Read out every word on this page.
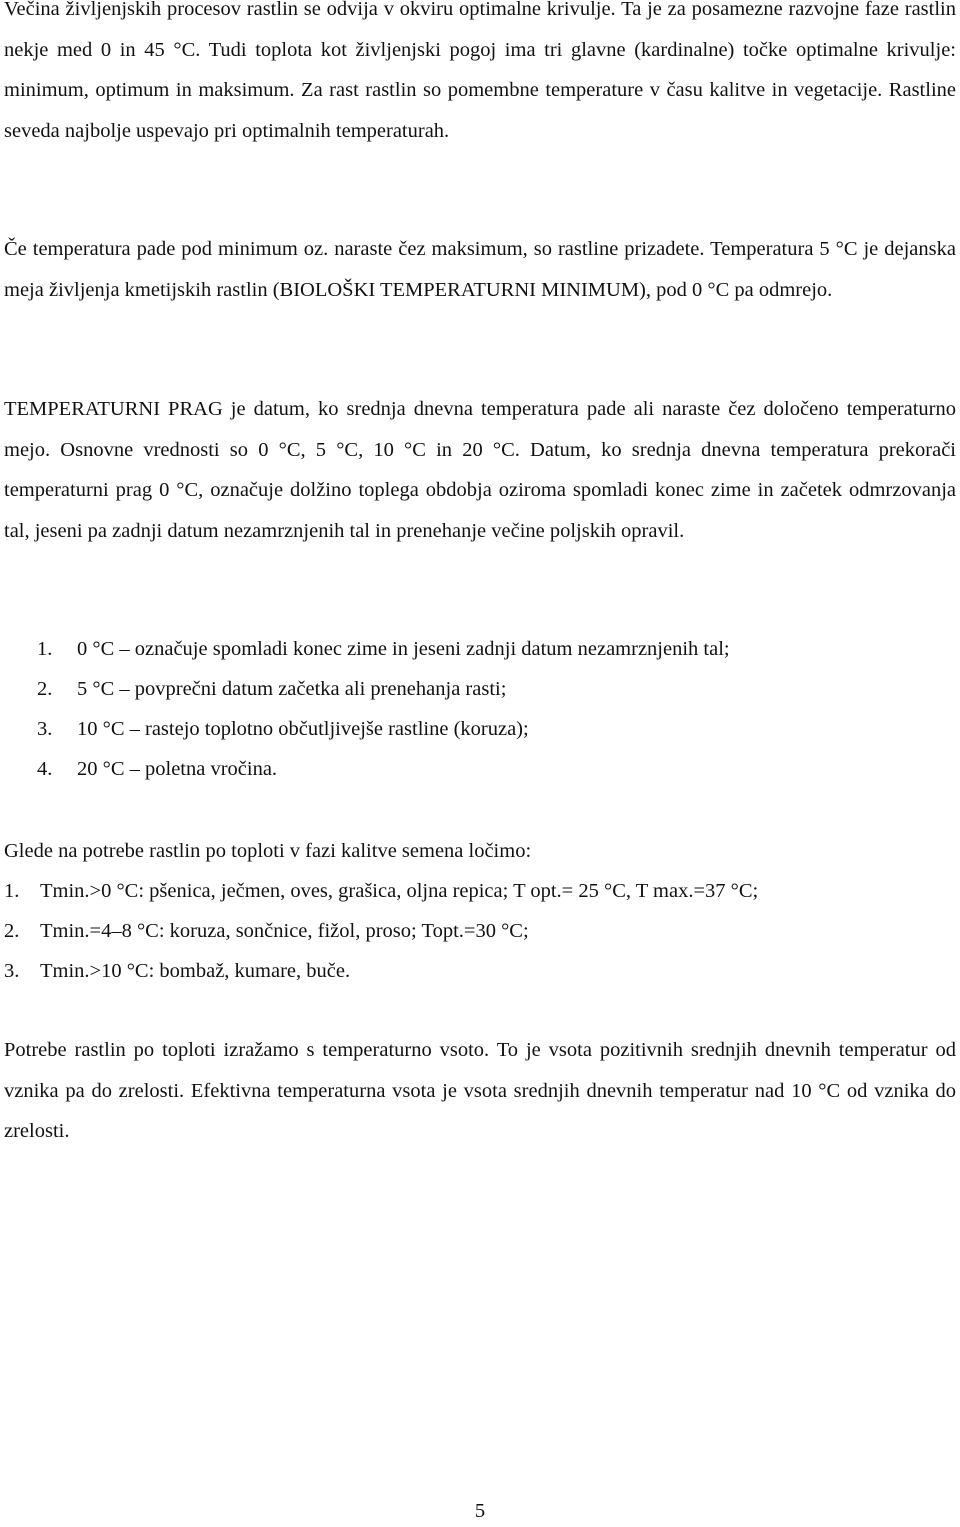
Večina življenjskih procesov rastlin se odvija v okviru optimalne krivulje. Ta je za posamezne razvojne faze rastlin nekje med 0 in 45 °C. Tudi toplota kot življenjski pogoj ima tri glavne (kardinalne) točke optimalne krivulje: minimum, optimum in maksimum. Za rast rastlin so pomembne temperature v času kalitve in vegetacije. Rastline seveda najbolje uspevajo pri optimalnih temperaturah.

Če temperatura pade pod minimum oz. naraste čez maksimum, so rastline prizadete. Temperatura 5 °C je dejanska meja življenja kmetijskih rastlin (BIOLOŠKI TEMPERATURNI MINIMUM), pod 0 °C pa odmrejo.

TEMPERATURNI PRAG je datum, ko srednja dnevna temperatura pade ali naraste čez določeno temperaturno mejo. Osnovne vrednosti so 0 °C, 5 °C, 10 °C in 20 °C. Datum, ko srednja dnevna temperatura prekorači temperaturni prag 0 °C, označuje dolžino toplega obdobja oziroma spomladi konec zime in začetek odmrzovanja tal, jeseni pa zadnji datum nezamrznjenih tal in prenehanje večine poljskih opravil.

1.	0 °C – označuje spomladi konec zime in jeseni zadnji datum nezamrznjenih tal;
2.	5 °C – povprečni datum začetka ali prenehanja rasti;
3.	10 °C – rastejo toplotno občutljivejše rastline (koruza);
4.	20 °C – poletna vročina.

Glede na potrebe rastlin po toploti v fazi kalitve semena ločimo:

1.	Tmin.>0 °C: pšenica, ječmen, oves, grašica, oljna repica; T opt.= 25 °C, T max.=37 °C;
2.	Tmin.=4–8 °C: koruza, sončnice, fižol, proso; Topt.=30 °C;
3.	Tmin.>10 °C: bombaž, kumare, buče.

Potrebe rastlin po toploti izražamo s temperaturno vsoto. To je vsota pozitivnih srednjih dnevnih temperatur od vznika pa do zrelosti. Efektivna temperaturna vsota je vsota srednjih dnevnih temperatur nad 10 °C od vznika do zrelosti.

5
